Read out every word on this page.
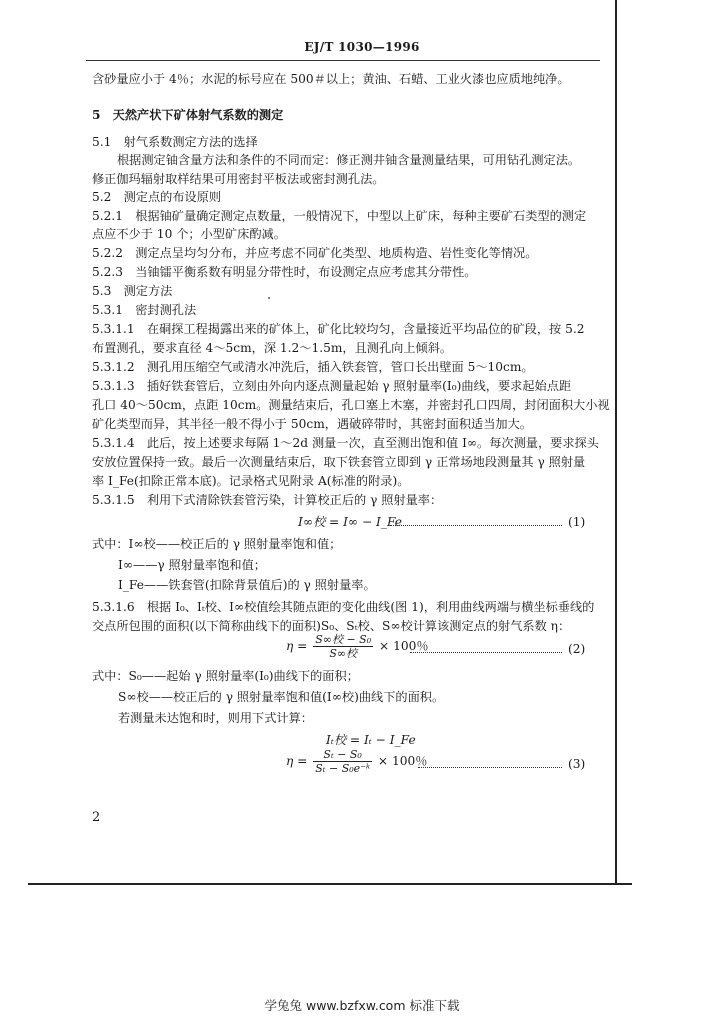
EJ/T 1030—1996
含砂量应小于 4％；水泥的标号应在 500＃以上；黄油、石蜡、工业火漆也应质地纯净。
5　天然产状下矿体射气系数的测定
5.1　射气系数测定方法的选择
根据测定铀含量方法和条件的不同而定：修正测井铀含量测量结果，可用钻孔测定法。
修正伽玛辐射取样结果可用密封平板法或密封测孔法。
5.2　测定点的布设原则
5.2.1　根据铀矿量确定测定点数量，一般情况下，中型以上矿床，每种主要矿石类型的测定
点应不少于 10 个；小型矿床酌减。
5.2.2　测定点呈均匀分布，并应考虑不同矿化类型、地质构造、岩性变化等情况。
5.2.3　当铀镭平衡系数有明显分带性时，布设测定点应考虑其分带性。
5.3　测定方法
5.3.1　密封测孔法
5.3.1.1　在硐探工程揭露出来的矿体上，矿化比较均匀，含量接近平均品位的矿段，按 5.2
布置测孔，要求直径 4～5cm，深 1.2～1.5m，且测孔向上倾斜。
5.3.1.2　测孔用压缩空气或清水冲洗后，插入铁套管，管口长出壁面 5～10cm。
5.3.1.3　插好铁套管后，立刻由外向内逐点测量起始 γ 照射量率(I₀)曲线，要求起始点距
孔口 40～50cm，点距 10cm。测量结束后，孔口塞上木塞，并密封孔口四周，封闭面积大小视
矿化类型而异，其半径一般不得小于 50cm，遇破碎带时，其密封面积适当加大。
5.3.1.4　此后，按上述要求每隔 1～2d 测量一次，直至测出饱和值 I∞。每次测量，要求探头
安放位置保持一致。最后一次测量结束后，取下铁套管立即到 γ 正常场地段测量其 γ 照射量
率 I_Fe(扣除正常本底)。记录格式见附录 A(标准的附录)。
5.3.1.5　利用下式清除铁套管污染，计算校正后的 γ 照射量率：
I∞校 = I∞ − I_Fe	(1)
式中：I∞校——校正后的 γ 照射量率饱和值；
I∞——γ 照射量率饱和值；
I_Fe——铁套管(扣除背景值后)的 γ 照射量率。
5.3.1.6　根据 I₀、Iₜ校、I∞校值绘其随点距的变化曲线(图 1)，利用曲线两端与横坐标垂线的
交点所包围的面积(以下简称曲线下的面积)S₀、Sₜ校、S∞校计算该测定点的射气系数 η：
$\eta = \frac{\text{S∞校 − S₀}}{\text{S∞校}} \times 100$％	(2)
式中：S₀——起始 γ 照射量率(I₀)曲线下的面积；
S∞校——校正后的 γ 照射量率饱和值(I∞校)曲线下的面积。
若测量未达饱和时，则用下式计算：
Iₜ校 = Iₜ − I_Fe
$\eta = \frac{\text{Sₜ − S₀}}{\text{Sₜ − S₀e⁻ᵏ}} \times 100$％	(3)
2
学兔兔 www.bzfxw.com 标准下载
